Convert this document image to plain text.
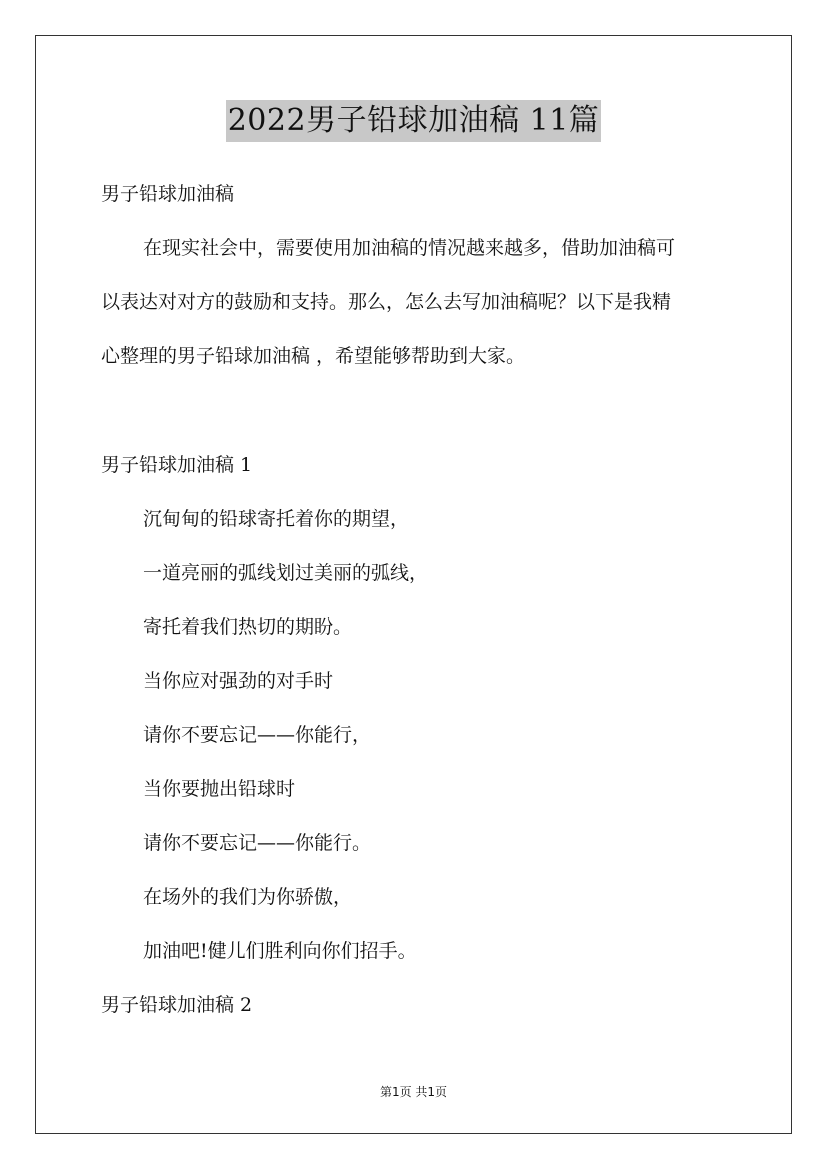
2022男子铅球加油稿 11篇
男子铅球加油稿
在现实社会中，需要使用加油稿的情况越来越多，借助加油稿可
以表达对对方的鼓励和支持。那么，怎么去写加油稿呢？以下是我精
心整理的男子铅球加油稿 ，希望能够帮助到大家。
男子铅球加油稿 1
沉甸甸的铅球寄托着你的期望，
一道亮丽的弧线划过美丽的弧线，
寄托着我们热切的期盼。
当你应对强劲的对手时
请你不要忘记——你能行，
当你要抛出铅球时
请你不要忘记——你能行。
在场外的我们为你骄傲，
加油吧!健儿们胜利向你们招手。
男子铅球加油稿 2
第1页 共1页
